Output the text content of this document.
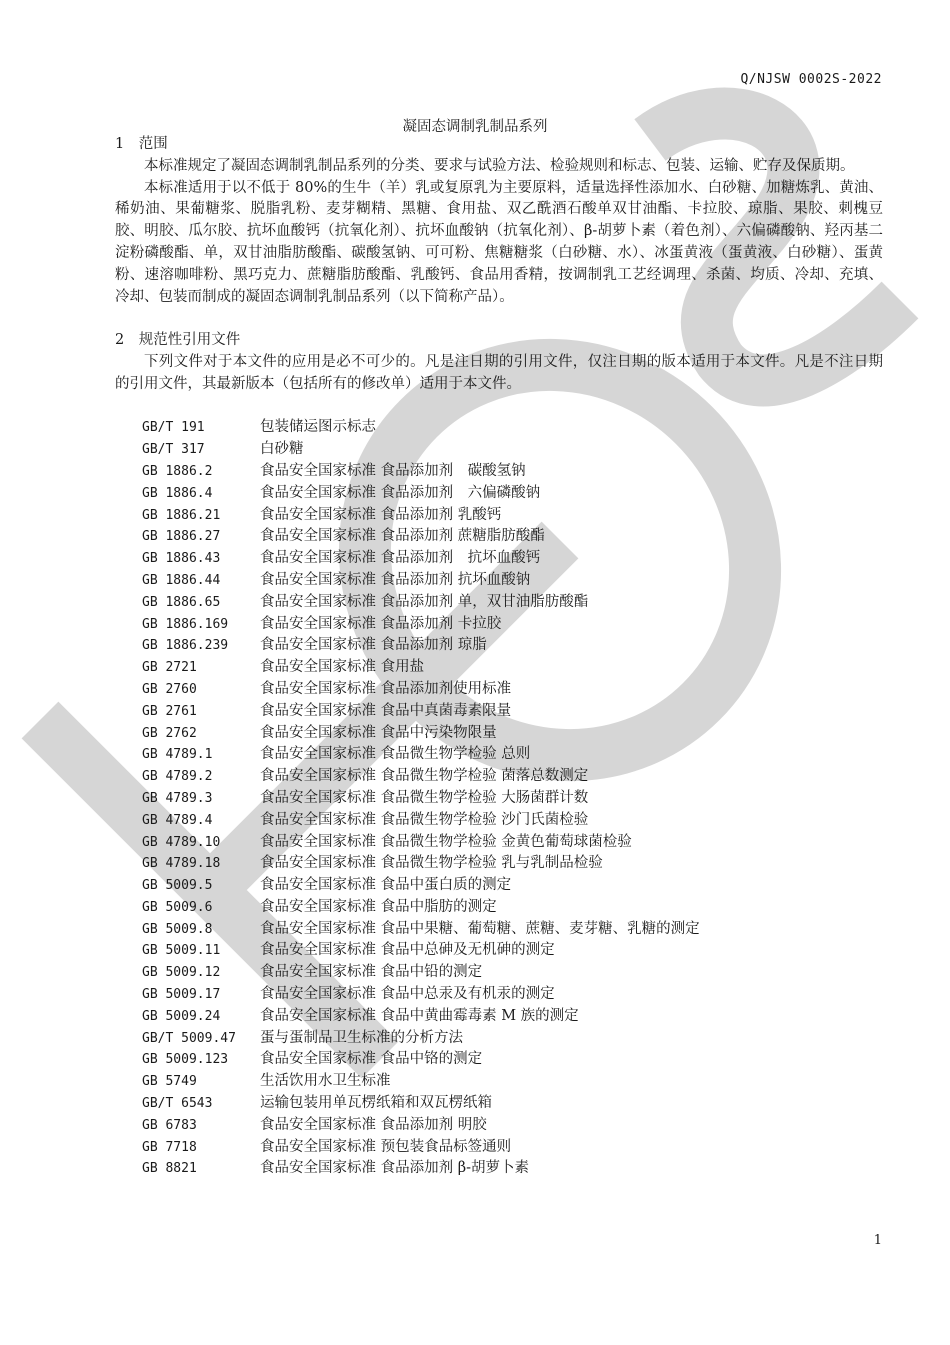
Q/NJSW 0002S-2022
凝固态调制乳制品系列

1　范围

本标准规定了凝固态调制乳制品系列的分类、要求与试验方法、检验规则和标志、包装、运输、贮存及保质期。

本标准适用于以不低于 80%的生牛（羊）乳或复原乳为主要原料，适量选择性添加水、白砂糖、加糖炼乳、黄油、稀奶油、果葡糖浆、脱脂乳粉、麦芽糊精、黑糖、食用盐、双乙酰酒石酸单双甘油酯、卡拉胶、琼脂、果胶、刺槐豆胶、明胶、瓜尔胶、抗坏血酸钙（抗氧化剂）、抗坏血酸钠（抗氧化剂）、β-胡萝卜素（着色剂）、六偏磷酸钠、羟丙基二淀粉磷酸酯、单，双甘油脂肪酸酯、碳酸氢钠、可可粉、焦糖糖浆（白砂糖、水）、冰蛋黄液（蛋黄液、白砂糖）、蛋黄粉、速溶咖啡粉、黑巧克力、蔗糖脂肪酸酯、乳酸钙、食品用香精，按调制乳工艺经调理、杀菌、均质、冷却、充填、冷却、包装而制成的凝固态调制乳制品系列（以下简称产品）。

2　规范性引用文件

下列文件对于本文件的应用是必不可少的。凡是注日期的引用文件，仅注日期的版本适用于本文件。凡是不注日期的引用文件，其最新版本（包括所有的修改单）适用于本文件。

GB/T 191	包装储运图示标志
GB/T 317	白砂糖
GB 1886.2	食品安全国家标准 食品添加剂　碳酸氢钠
GB 1886.4	食品安全国家标准 食品添加剂　六偏磷酸钠
GB 1886.21	食品安全国家标准 食品添加剂 乳酸钙
GB 1886.27	食品安全国家标准 食品添加剂 蔗糖脂肪酸酯
GB 1886.43	食品安全国家标准 食品添加剂　抗坏血酸钙
GB 1886.44	食品安全国家标准 食品添加剂 抗坏血酸钠
GB 1886.65	食品安全国家标准 食品添加剂 单，双甘油脂肪酸酯
GB 1886.169	食品安全国家标准 食品添加剂 卡拉胶
GB 1886.239	食品安全国家标准 食品添加剂 琼脂
GB 2721	食品安全国家标准 食用盐
GB 2760	食品安全国家标准 食品添加剂使用标准
GB 2761	食品安全国家标准 食品中真菌毒素限量
GB 2762	食品安全国家标准 食品中污染物限量
GB 4789.1	食品安全国家标准 食品微生物学检验 总则
GB 4789.2	食品安全国家标准 食品微生物学检验 菌落总数测定
GB 4789.3	食品安全国家标准 食品微生物学检验 大肠菌群计数
GB 4789.4	食品安全国家标准 食品微生物学检验 沙门氏菌检验
GB 4789.10	食品安全国家标准 食品微生物学检验 金黄色葡萄球菌检验
GB 4789.18	食品安全国家标准 食品微生物学检验 乳与乳制品检验
GB 5009.5	食品安全国家标准 食品中蛋白质的测定
GB 5009.6	食品安全国家标准 食品中脂肪的测定
GB 5009.8	食品安全国家标准 食品中果糖、葡萄糖、蔗糖、麦芽糖、乳糖的测定
GB 5009.11	食品安全国家标准 食品中总砷及无机砷的测定
GB 5009.12	食品安全国家标准 食品中铅的测定
GB 5009.17	食品安全国家标准 食品中总汞及有机汞的测定
GB 5009.24	食品安全国家标准 食品中黄曲霉毒素 M 族的测定
GB/T 5009.47	蛋与蛋制品卫生标准的分析方法
GB 5009.123	食品安全国家标准 食品中铬的测定
GB 5749	生活饮用水卫生标准
GB/T 6543	运输包装用单瓦楞纸箱和双瓦楞纸箱
GB 6783	食品安全国家标准 食品添加剂 明胶
GB 7718	食品安全国家标准 预包装食品标签通则
GB 8821	食品安全国家标准 食品添加剂 β-胡萝卜素
1
